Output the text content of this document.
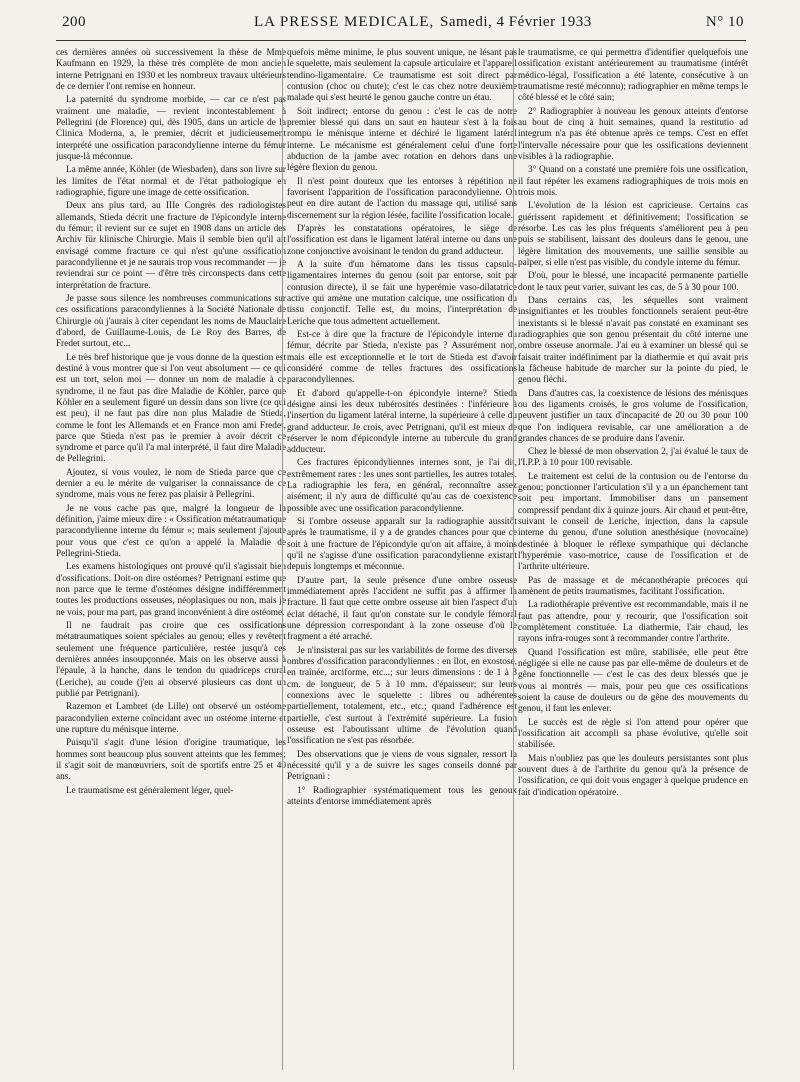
200	LA PRESSE MEDICALE, Samedi, 4 Février 1933	N° 10

ces dernières années où successivement la thèse de Mme Kaufmann en 1929, la thèse très complète de mon ancien interne Petrignani en 1930 et les nombreux travaux ultérieurs de ce dernier l'ont remise en honneur.

La paternité du syndrome morbide, — car ce n'est pas vraiment une maladie, — revient incontestablement à Pellegrini (de Florence) qui, dès 1905, dans un article de la Clinica Moderna, a, le premier, décrit et judicieusement interprété une ossification paracondylienne interne du fémur jusque-là méconnue.

La même année, Köhler (de Wiesbaden), dans son livre sur les limites de l'état normal et de l'état pathologique en radiographie, figure une image de cette ossification.

Deux ans plus tard, au IIIe Congrès des radiologistes allemands, Stieda décrit une fracture de l'épicondyle interne du fémur; il revient sur ce sujet en 1908 dans un article des Archiv für klinische Chirurgie. Mais il semble bien qu'il ait envisagé comme fracture ce qui n'est qu'une ossification paracondylienne et je ne saurais trop vous recommander — je reviendrai sur ce point — d'être très circonspects dans cette interprétation de fracture.

Je passe sous silence les nombreuses communications sur ces ossifications paracondyliennes à la Société Nationale de Chirurgie où j'aurais à citer cependant les noms de Mauclaire d'abord, de Guillaume-Louis, de Le Roy des Barres, de Fredet surtout, etc...

Le très bref historique que je vous donne de la question est destiné à vous montrer que si l'on veut absolument — ce qui est un tort, selon moi — donner un nom de maladie à ce syndrome, il ne faut pas dire Maladie de Köhler, parce que Köhler en a seulement figuré un dessin dans son livre (ce qui est peu), il ne faut pas dire non plus Maladie de Stieda, comme le font les Allemands et en France mon ami Fredet, parce que Stieda n'est pas le premier à avoir décrit ce syndrome et parce qu'il l'a mal interprété, il faut dire Maladie de Pellegrini.

Ajoutez, si vous voulez, le nom de Stieda parce que ce dernier a eu le mérite de vulgariser la connaissance de ce syndrome, mais vous ne ferez pas plaisir à Pellegrini.

Je ne vous cache pas que, malgré la longueur de la définition, j'aime mieux dire : « Ossification métatraumatique paracondylienne interne du fémur »; mais seulement j'ajoute pour vous que c'est ce qu'on a appelé la Maladie de Pellegrini-Stieda.

Les examens histologiques ont prouvé qu'il s'agissait bien d'ossifications. Doit-on dire ostéomes? Petrignani estime que non parce que le terme d'ostéomes désigne indifféremment toutes les productions osseuses, néoplasiques ou non, mais je ne vois, pour ma part, pas grand inconvénient à dire ostéome.

Il ne faudrait pas croire que ces ossifications métatraumatiques soient spéciales au genou; elles y revêtent seulement une fréquence particulière, restée jusqu'à ces dernières années insoupçonnée. Mais on les observe aussi à l'épaule, à la hanche, dans le tendon du quadriceps crural (Leriche), au coude (j'en ai observé plusieurs cas dont un publié par Petrignani).

Razemon et Lambret (de Lille) ont observé un ostéome paracondylien externe coïncidant avec un ostéome interne et une rupture du ménisque interne.

Puisqu'il s'agit d'une lésion d'origine traumatique, les hommes sont beaucoup plus souvent atteints que les femmes; il s'agit soit de manœuvriers, soit de sportifs entre 25 et 40 ans.

Le traumatisme est généralement léger, quel-

quefois même minime, le plus souvent unique, ne lésant pas le squelette, mais seulement la capsule articulaire et l'appareil tendino-ligamentaire. Ce traumatisme est soit direct par contusion (choc ou chute); c'est le cas chez notre deuxième malade qui s'est heurté le genou gauche contre un étau.

Soit indirect; entorse du genou : c'est le cas de notre premier blessé qui dans un saut en hauteur s'est à la fois rompu le ménisque interne et déchiré le ligament latéral interne. Le mécanisme est généralement celui d'une forte abduction de la jambe avec rotation en dehors dans une légère flexion du genou.

Il n'est point douteux que les entorses à répétition ne favorisent l'apparition de l'ossification paracondylienne. On peut en dire autant de l'action du massage qui, utilisé sans discernement sur la région lésée, facilite l'ossification locale.

D'après les constatations opératoires, le siège de l'ossification est dans le ligament latéral interne ou dans une zone conjonctive avoisinant le tendon du grand adducteur.

A la suite d'un hématome dans les tissus capsulo-ligamentaires internes du genou (soit par entorse, soit par contusion directe), il se fait une hyperémie vaso-dilatatrice active qui amène une mutation calcique, une ossification du tissu conjonctif. Telle est, du moins, l'interprétation de Leriche que tous admettent actuellement.

Est-ce à dire que la fracture de l'épicondyle interne du fémur, décrite par Stieda, n'existe pas ? Assurément non, mais elle est exceptionnelle et le tort de Stieda est d'avoir considéré comme de telles fractures des ossifications paracondyliennes.

Et d'abord qu'appelle-t-on épicondyle interne? Stieda désigne ainsi les deux tubérosités destinées : l'inférieure à l'insertion du ligament latéral interne, la supérieure à celle du grand adducteur. Je crois, avec Petrignani, qu'il est mieux de réserver le nom d'épicondyle interne au tubercule du grand adducteur.

Ces fractures épicondyliennes internes sont, je l'ai dit, extrêmement rares : les unes sont partielles, les autres totales. La radiographie les fera, en général, reconnaître assez aisément; il n'y aura de difficulté qu'au cas de coexistence possible avec une ossification paracondylienne.

Si l'ombre osseuse apparaît sur la radiographie aussitôt après le traumatisme, il y a de grandes chances pour que ce soit à une fracture de l'épicondyle qu'on ait affaire, à moins qu'il ne s'agisse d'une ossification paracondylienne existant depuis longtemps et méconnue.

D'autre part, la seule présence d'une ombre osseuse immédiatement après l'accident ne suffit pas à affirmer la fracture. Il faut que cette ombre osseuse ait bien l'aspect d'un éclat détaché, il faut qu'on constate sur le condyle fémoral une dépression correspondant à la zone osseuse d'où le fragment a été arraché.

Je n'insisterai pas sur les variabilités de forme des diverses ombres d'ossification paracondyliennes : en îlot, en exostose, en traînée, arciforme, etc...; sur leurs dimensions : de 1 à 3 cm. de longueur, de 5 à 10 mm. d'épaisseur; sur leurs connexions avec le squelette : libres ou adhérentes partiellement, totalement, etc., etc.; quand l'adhérence est partielle, c'est surtout à l'extrémité supérieure. La fusion osseuse est l'aboutissant ultime de l'évolution quand l'ossification ne s'est pas résorbée.

Des observations que je viens de vous signaler, ressort la nécessité qu'il y a de suivre les sages conseils donné par Petrignani :

1° Radiographier systématiquement tous les genoux atteints d'entorse immédiatement après

le traumatisme, ce qui permettra d'identifier quelquefois une ossification existant antérieurement au traumatisme (intérêt médico-légal, l'ossification a été latente, consécutive à un traumatisme resté méconnu); radiographier en même temps le côté blessé et le côté sain;

2° Radiographier à nouveau les genoux atteints d'entorse au bout de cinq à huit semaines, quand la restitutio ad integrum n'a pas été obtenue après ce temps. C'est en effet l'intervalle nécessaire pour que les ossifications deviennent visibles à la radiographie.

3° Quand on a constaté une première fois une ossification, il faut répéter les examens radiographiques de trois mois en trois mois.

L'évolution de la lésion est capricieuse. Certains cas guérissent rapidement et définitivement; l'ossification se résorbe. Les cas les plus fréquents s'améliorent peu à peu puis se stabilisent, laissant des douleurs dans le genou, une légère limitation des mouvements, une saillie sensible au palper, si elle n'est pas visible, du condyle interne du fémur.

D'où, pour le blessé, une incapacité permanente partielle dont le taux peut varier, suivant les cas, de 5 à 30 pour 100.

Dans certains cas, les séquelles sont vraiment insignifiantes et les troubles fonctionnels seraient peut-être inexistants si le blessé n'avait pas constaté en examinant ses radiographies que son genou présentait du côté interne une ombre osseuse anormale. J'ai eu à examiner un blessé qui se faisait traiter indéfiniment par la diathermie et qui avait pris la fâcheuse habitude de marcher sur la pointe du pied, le genou fléchi.

Dans d'autres cas, la coexistence de lésions des ménisques ou des ligaments croisés, le gros volume de l'ossification, peuvent justifier un taux d'incapacité de 20 ou 30 pour 100 que l'on indiquera revisable, car une amélioration a de grandes chances de se produire dans l'avenir.

Chez le blessé de mon observation 2, j'ai évalué le taux de l'I.P.P. à 10 pour 100 revisable.

Le traitement est celui de la contusion ou de l'entorse du genou; ponctionner l'articulation s'il y a un épanchement tant soit peu important. Immobiliser dans un pansement compressif pendant dix à quinze jours. Air chaud et peut-être, suivant le conseil de Leriche, injection, dans la capsule interne du genou, d'une solution anesthésique (novocaïne) destinée à bloquer le réflexe sympathique qui déclanche l'hyperémie vaso-motrice, cause de l'ossification et de l'arthrite ultérieure.

Pas de massage et de mécanothérapie précoces qui amènent de petits traumatismes, facilitant l'ossification.

La radiothérapie préventive est recommandable, mais il ne faut pas attendre, pour y recourir, que l'ossification soit complètement constituée. La diathermie, l'air chaud, les rayons infra-rouges sont à recommander contre l'arthrite.

Quand l'ossification est mûre, stabilisée, elle peut être négligée si elle ne cause pas par elle-même de douleurs et de gêne fonctionnelle — c'est le cas des deux blessés que je vous ai montrés — mais, pour peu que ces ossifications soient la cause de douleurs ou de gêne des mouvements du genou, il faut les enlever.

Le succès est de règle si l'on attend pour opérer que l'ossification ait accompli sa phase évolutive, qu'elle soit stabilisée.

Mais n'oubliez pas que les douleurs persistantes sont plus souvent dues à de l'arthrite du genou qu'à la présence de l'ossification, ce qui doit vous engager à quelque prudence en fait d'indication opératoire.
